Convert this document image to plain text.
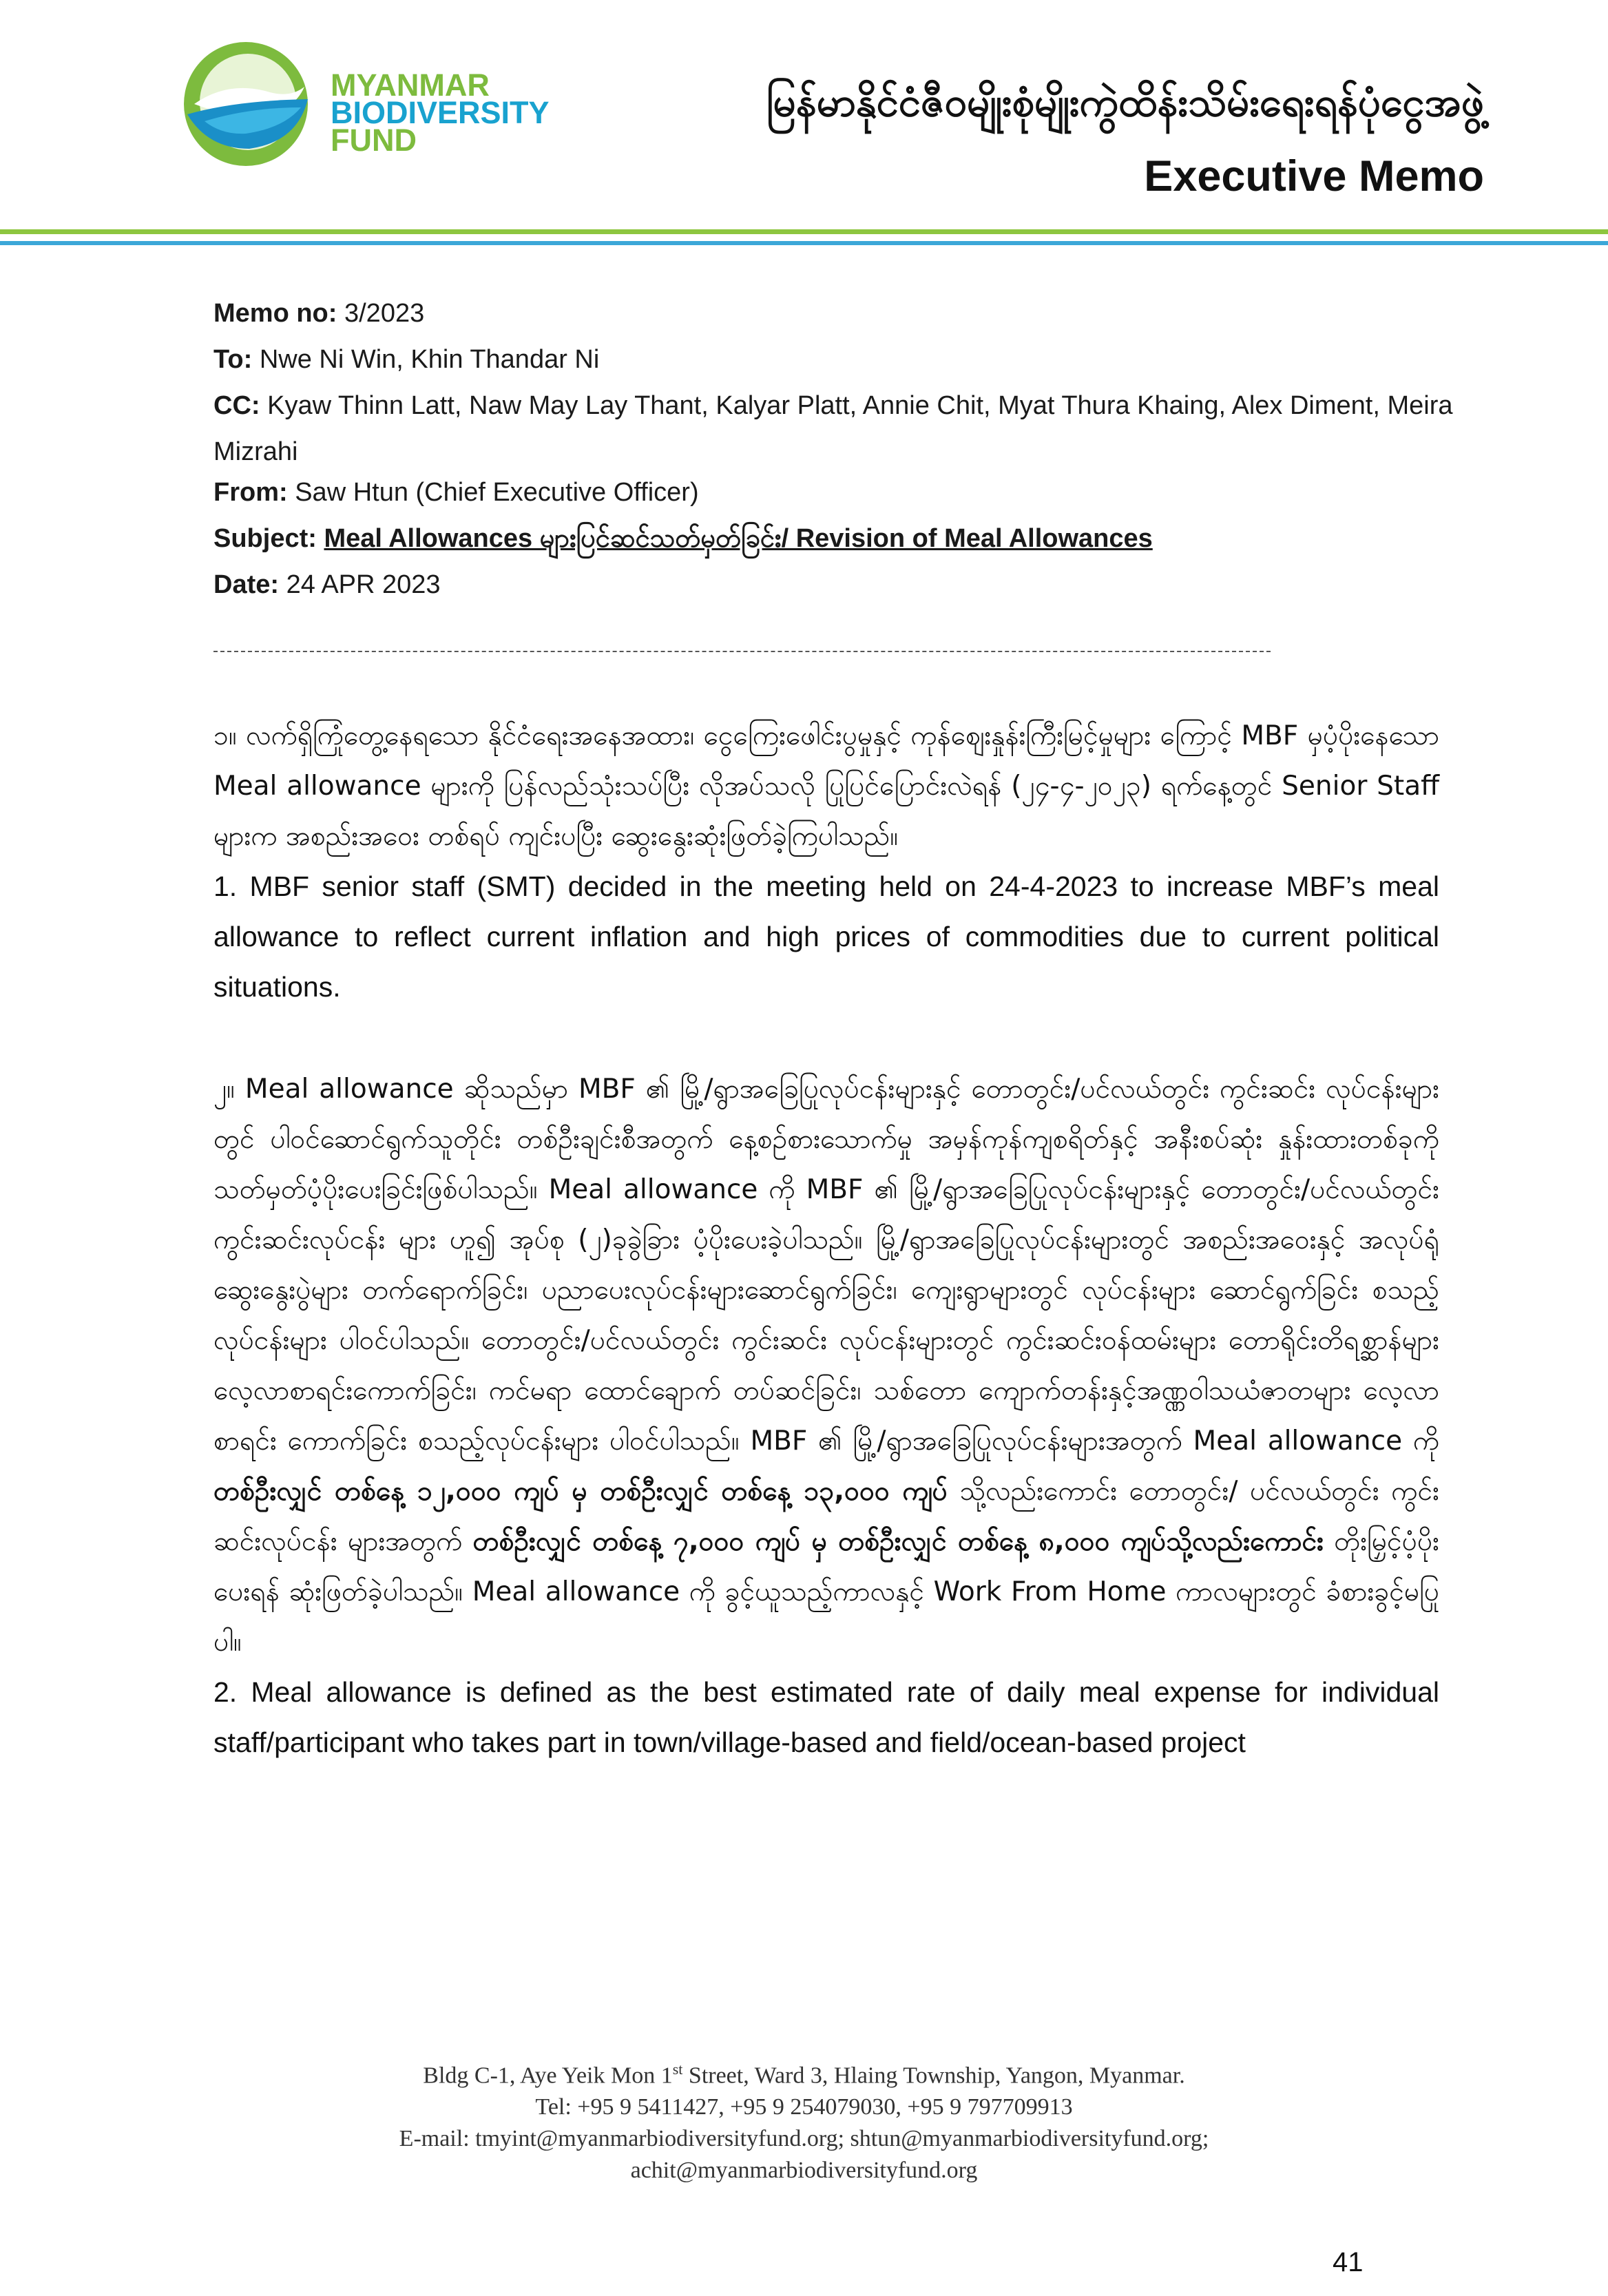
MYANMAR
BIODIVERSITY
FUND
မြန်မာနိုင်ငံဇီဝမျိုးစုံမျိုးကွဲထိန်းသိမ်းရေးရန်ပုံငွေအဖွဲ့
Executive Memo
Memo no: 3/2023
To: Nwe Ni Win, Khin Thandar Ni
CC: Kyaw Thinn Latt, Naw May Lay Thant, Kalyar Platt, Annie Chit, Myat Thura Khaing, Alex Diment, Meira Mizrahi
From: Saw Htun (Chief Executive Officer)
Subject: Meal Allowances များပြင်ဆင်သတ်မှတ်ခြင်း/ Revision of Meal Allowances
Date: 24 APR 2023

၁။ လက်ရှိကြုံတွေ့နေရသော နိုင်ငံရေးအနေအထား၊ ငွေကြေးဖေါင်းပွမှုနှင့် ကုန်ဈေးနှုန်းကြီးမြင့်မှုများ ကြောင့် MBF မှပံ့ပိုးနေသော Meal allowance များကို ပြန်လည်သုံးသပ်ပြီး လိုအပ်သလို ပြုပြင်ပြောင်းလဲရန် (၂၄-၄-၂၀၂၃) ရက်နေ့တွင် Senior Staff များက အစည်းအဝေး တစ်ရပ် ကျင်းပပြီး ဆွေးနွေးဆုံးဖြတ်ခဲ့ကြပါသည်။

1. MBF senior staff (SMT) decided in the meeting held on 24-4-2023 to increase MBF’s meal allowance to reflect current inflation and high prices of commodities due to current political situations.

၂။ Meal allowance ဆိုသည်မှာ MBF ၏ မြို့/ရွာအခြေပြုလုပ်ငန်းများနှင့် တောတွင်း/ပင်လယ်တွင်း ကွင်းဆင်း လုပ်ငန်းများတွင် ပါဝင်ဆောင်ရွက်သူတိုင်း တစ်ဦးချင်းစီအတွက် နေ့စဉ်စားသောက်မှု အမှန်ကုန်ကျစရိတ်နှင့် အနီးစပ်ဆုံး နှုန်းထားတစ်ခုကို သတ်မှတ်ပံ့ပိုးပေးခြင်းဖြစ်ပါသည်။ Meal allowance ကို MBF ၏ မြို့/ရွာအခြေပြုလုပ်ငန်းများနှင့် တောတွင်း/ပင်လယ်တွင်း ကွင်းဆင်းလုပ်ငန်း များ ဟူ၍ အုပ်စု (၂)ခုခွဲခြား ပံ့ပိုးပေးခဲ့ပါသည်။ မြို့/ရွာအခြေပြုလုပ်ငန်းများတွင် အစည်းအဝေးနှင့် အလုပ်ရုံဆွေးနွေးပွဲများ တက်ရောက်ခြင်း၊ ပညာပေးလုပ်ငန်းများဆောင်ရွက်ခြင်း၊ ကျေးရွာများတွင် လုပ်ငန်းများ ဆောင်ရွက်ခြင်း စသည့်လုပ်ငန်းများ ပါဝင်ပါသည်။ တောတွင်း/ပင်လယ်တွင်း ကွင်းဆင်း လုပ်ငန်းများတွင် ကွင်းဆင်းဝန်ထမ်းများ တောရိုင်းတိရစ္ဆာန်များ လေ့လာစာရင်းကောက်ခြင်း၊ ကင်မရာ ထောင်ချောက် တပ်ဆင်ခြင်း၊ သစ်တော ကျောက်တန်းနှင့်အဏ္ဏဝါသယံဇာတများ လေ့လာစာရင်း ကောက်ခြင်း စသည့်လုပ်ငန်းများ ပါဝင်ပါသည်။ MBF ၏ မြို့/ရွာအခြေပြုလုပ်ငန်းများအတွက် Meal allowance ကို တစ်ဦးလျှင် တစ်နေ့ ၁၂,၀၀၀ ကျပ် မှ တစ်ဦးလျှင် တစ်နေ့ ၁၃,၀၀၀ ကျပ် သို့လည်းကောင်း တောတွင်း/ ပင်လယ်တွင်း ကွင်းဆင်းလုပ်ငန်း များအတွက် တစ်ဦးလျှင် တစ်နေ့ ၇,၀၀၀ ကျပ် မှ တစ်ဦးလျှင် တစ်နေ့ ၈,၀၀၀ ကျပ်သို့လည်းကောင်း တိုးမြှင့်ပံ့ပိုးပေးရန် ဆုံးဖြတ်ခဲ့ပါသည်။ Meal allowance ကို ခွင့်ယူသည့်ကာလနှင့် Work From Home ကာလများတွင် ခံစားခွင့်မပြုပါ။

2. Meal allowance is defined as the best estimated rate of daily meal expense for individual staff/participant who takes part in town/village-based and field/ocean-based project

Bldg C-1, Aye Yeik Mon 1st Street, Ward 3, Hlaing Township, Yangon, Myanmar.
Tel: +95 9 5411427, +95 9 254079030, +95 9 797709913
E-mail: tmyint@myanmarbiodiversityfund.org; shtun@myanmarbiodiversityfund.org;
achit@myanmarbiodiversityfund.org
41
